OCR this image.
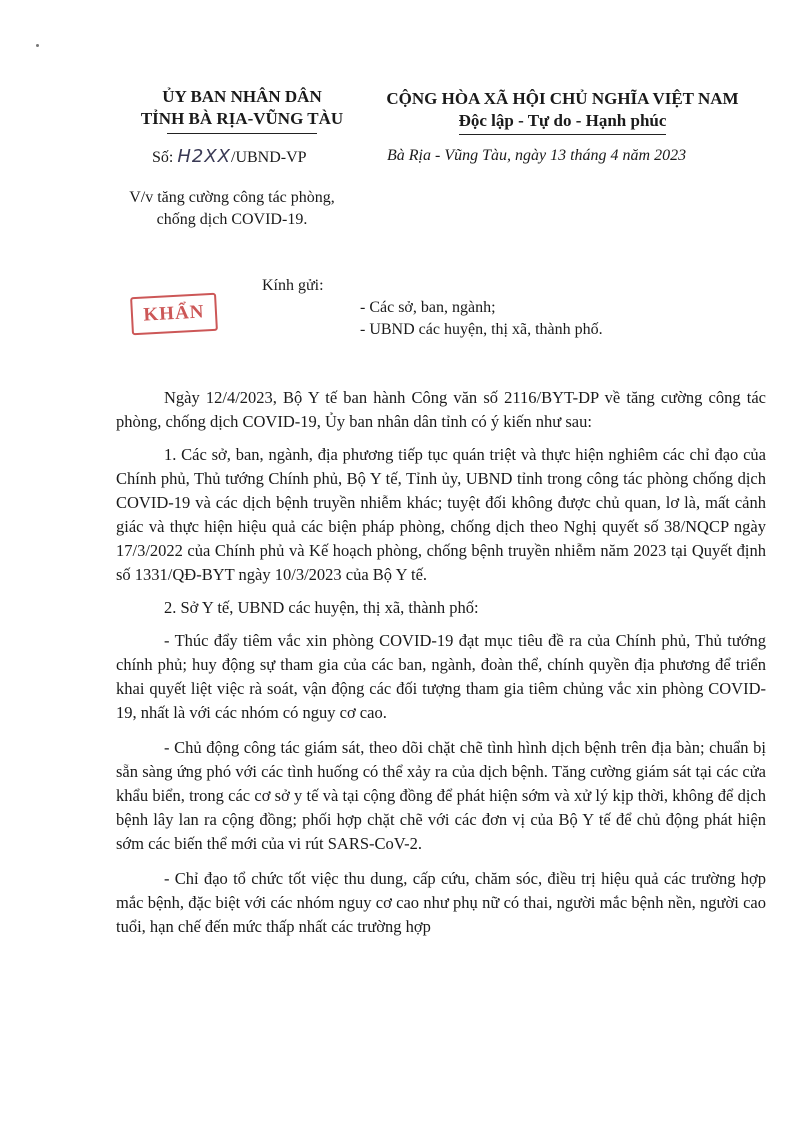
ỦY BAN NHÂN DÂN
TỈNH BÀ RỊA-VŨNG TÀU
CỘNG HÒA XÃ HỘI CHỦ NGHĨA VIỆT NAM
Độc lập - Tự do - Hạnh phúc
Số: H2XX/UBND-VP	Bà Rịa - Vũng Tàu, ngày 13 tháng 4 năm 2023
V/v tăng cường công tác phòng,
chống dịch COVID-19.
KHẨN
Kính gửi:
- Các sở, ban, ngành;
- UBND các huyện, thị xã, thành phố.

Ngày 12/4/2023, Bộ Y tế ban hành Công văn số 2116/BYT-DP về tăng cường công tác phòng, chống dịch COVID-19, Ủy ban nhân dân tỉnh có ý kiến như sau:

1. Các sở, ban, ngành, địa phương tiếp tục quán triệt và thực hiện nghiêm các chỉ đạo của Chính phủ, Thủ tướng Chính phủ, Bộ Y tế, Tỉnh ủy, UBND tỉnh trong công tác phòng chống dịch COVID-19 và các dịch bệnh truyền nhiễm khác; tuyệt đối không được chủ quan, lơ là, mất cảnh giác và thực hiện hiệu quả các biện pháp phòng, chống dịch theo Nghị quyết số 38/NQCP ngày 17/3/2022 của Chính phủ và Kế hoạch phòng, chống bệnh truyền nhiễm năm 2023 tại Quyết định số 1331/QĐ-BYT ngày 10/3/2023 của Bộ Y tế.

2. Sở Y tế, UBND các huyện, thị xã, thành phố:

- Thúc đẩy tiêm vắc xin phòng COVID-19 đạt mục tiêu đề ra của Chính phủ, Thủ tướng chính phủ; huy động sự tham gia của các ban, ngành, đoàn thể, chính quyền địa phương để triển khai quyết liệt việc rà soát, vận động các đối tượng tham gia tiêm chủng vắc xin phòng COVID-19, nhất là với các nhóm có nguy cơ cao.

- Chủ động công tác giám sát, theo dõi chặt chẽ tình hình dịch bệnh trên địa bàn; chuẩn bị sẵn sàng ứng phó với các tình huống có thể xảy ra của dịch bệnh. Tăng cường giám sát tại các cửa khẩu biển, trong các cơ sở y tế và tại cộng đồng để phát hiện sớm và xử lý kịp thời, không để dịch bệnh lây lan ra cộng đồng; phối hợp chặt chẽ với các đơn vị của Bộ Y tế để chủ động phát hiện sớm các biến thể mới của vi rút SARS-CoV-2.

- Chỉ đạo tổ chức tốt việc thu dung, cấp cứu, chăm sóc, điều trị hiệu quả các trường hợp mắc bệnh, đặc biệt với các nhóm nguy cơ cao như phụ nữ có thai, người mắc bệnh nền, người cao tuổi, hạn chế đến mức thấp nhất các trường hợp
